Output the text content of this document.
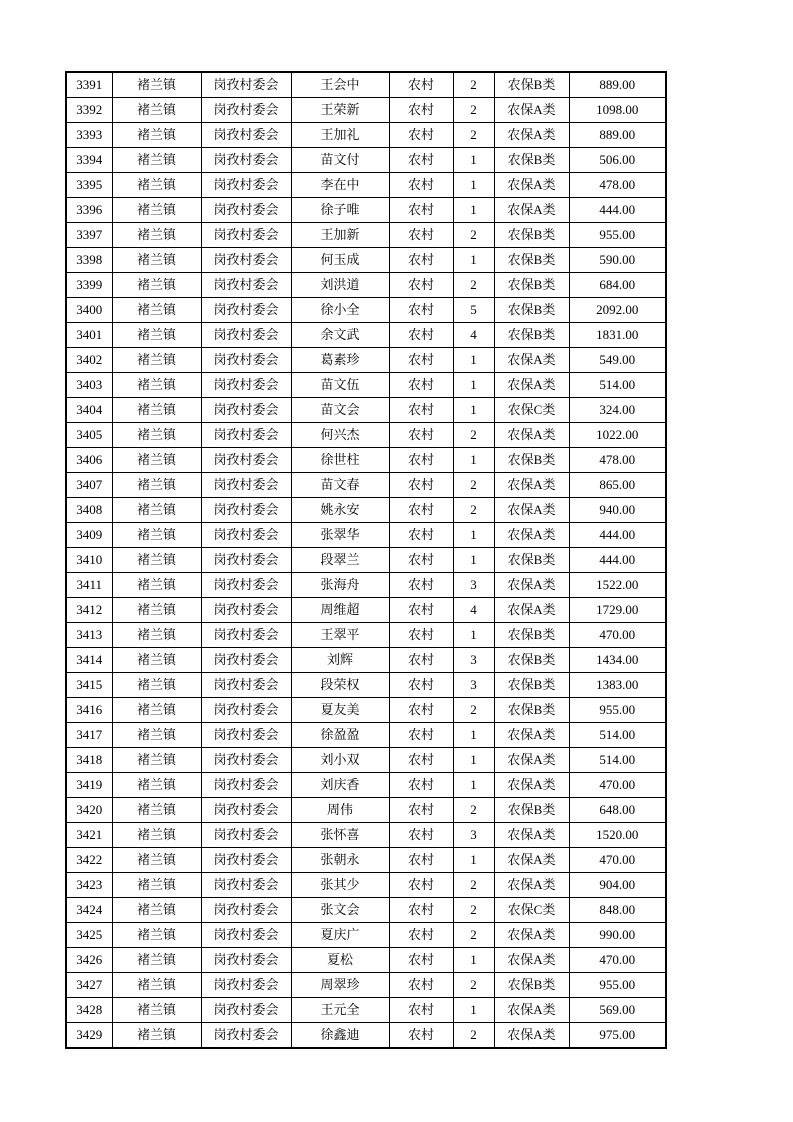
3391	褚兰镇	岗孜村委会	王会中	农村	2	农保B类	889.00
3392	褚兰镇	岗孜村委会	王荣新	农村	2	农保A类	1098.00
3393	褚兰镇	岗孜村委会	王加礼	农村	2	农保A类	889.00
3394	褚兰镇	岗孜村委会	苗文付	农村	1	农保B类	506.00
3395	褚兰镇	岗孜村委会	李在中	农村	1	农保A类	478.00
3396	褚兰镇	岗孜村委会	徐子唯	农村	1	农保A类	444.00
3397	褚兰镇	岗孜村委会	王加新	农村	2	农保B类	955.00
3398	褚兰镇	岗孜村委会	何玉成	农村	1	农保B类	590.00
3399	褚兰镇	岗孜村委会	刘洪道	农村	2	农保B类	684.00
3400	褚兰镇	岗孜村委会	徐小全	农村	5	农保B类	2092.00
3401	褚兰镇	岗孜村委会	余文武	农村	4	农保B类	1831.00
3402	褚兰镇	岗孜村委会	葛素珍	农村	1	农保A类	549.00
3403	褚兰镇	岗孜村委会	苗文伍	农村	1	农保A类	514.00
3404	褚兰镇	岗孜村委会	苗文会	农村	1	农保C类	324.00
3405	褚兰镇	岗孜村委会	何兴杰	农村	2	农保A类	1022.00
3406	褚兰镇	岗孜村委会	徐世柱	农村	1	农保B类	478.00
3407	褚兰镇	岗孜村委会	苗文春	农村	2	农保A类	865.00
3408	褚兰镇	岗孜村委会	姚永安	农村	2	农保A类	940.00
3409	褚兰镇	岗孜村委会	张翠华	农村	1	农保A类	444.00
3410	褚兰镇	岗孜村委会	段翠兰	农村	1	农保B类	444.00
3411	褚兰镇	岗孜村委会	张海舟	农村	3	农保A类	1522.00
3412	褚兰镇	岗孜村委会	周维超	农村	4	农保A类	1729.00
3413	褚兰镇	岗孜村委会	王翠平	农村	1	农保B类	470.00
3414	褚兰镇	岗孜村委会	刘辉	农村	3	农保B类	1434.00
3415	褚兰镇	岗孜村委会	段荣权	农村	3	农保B类	1383.00
3416	褚兰镇	岗孜村委会	夏友美	农村	2	农保B类	955.00
3417	褚兰镇	岗孜村委会	徐盈盈	农村	1	农保A类	514.00
3418	褚兰镇	岗孜村委会	刘小双	农村	1	农保A类	514.00
3419	褚兰镇	岗孜村委会	刘庆香	农村	1	农保A类	470.00
3420	褚兰镇	岗孜村委会	周伟	农村	2	农保B类	648.00
3421	褚兰镇	岗孜村委会	张怀喜	农村	3	农保A类	1520.00
3422	褚兰镇	岗孜村委会	张朝永	农村	1	农保A类	470.00
3423	褚兰镇	岗孜村委会	张其少	农村	2	农保A类	904.00
3424	褚兰镇	岗孜村委会	张文会	农村	2	农保C类	848.00
3425	褚兰镇	岗孜村委会	夏庆广	农村	2	农保A类	990.00
3426	褚兰镇	岗孜村委会	夏松	农村	1	农保A类	470.00
3427	褚兰镇	岗孜村委会	周翠珍	农村	2	农保B类	955.00
3428	褚兰镇	岗孜村委会	王元全	农村	1	农保A类	569.00
3429	褚兰镇	岗孜村委会	徐鑫迪	农村	2	农保A类	975.00
